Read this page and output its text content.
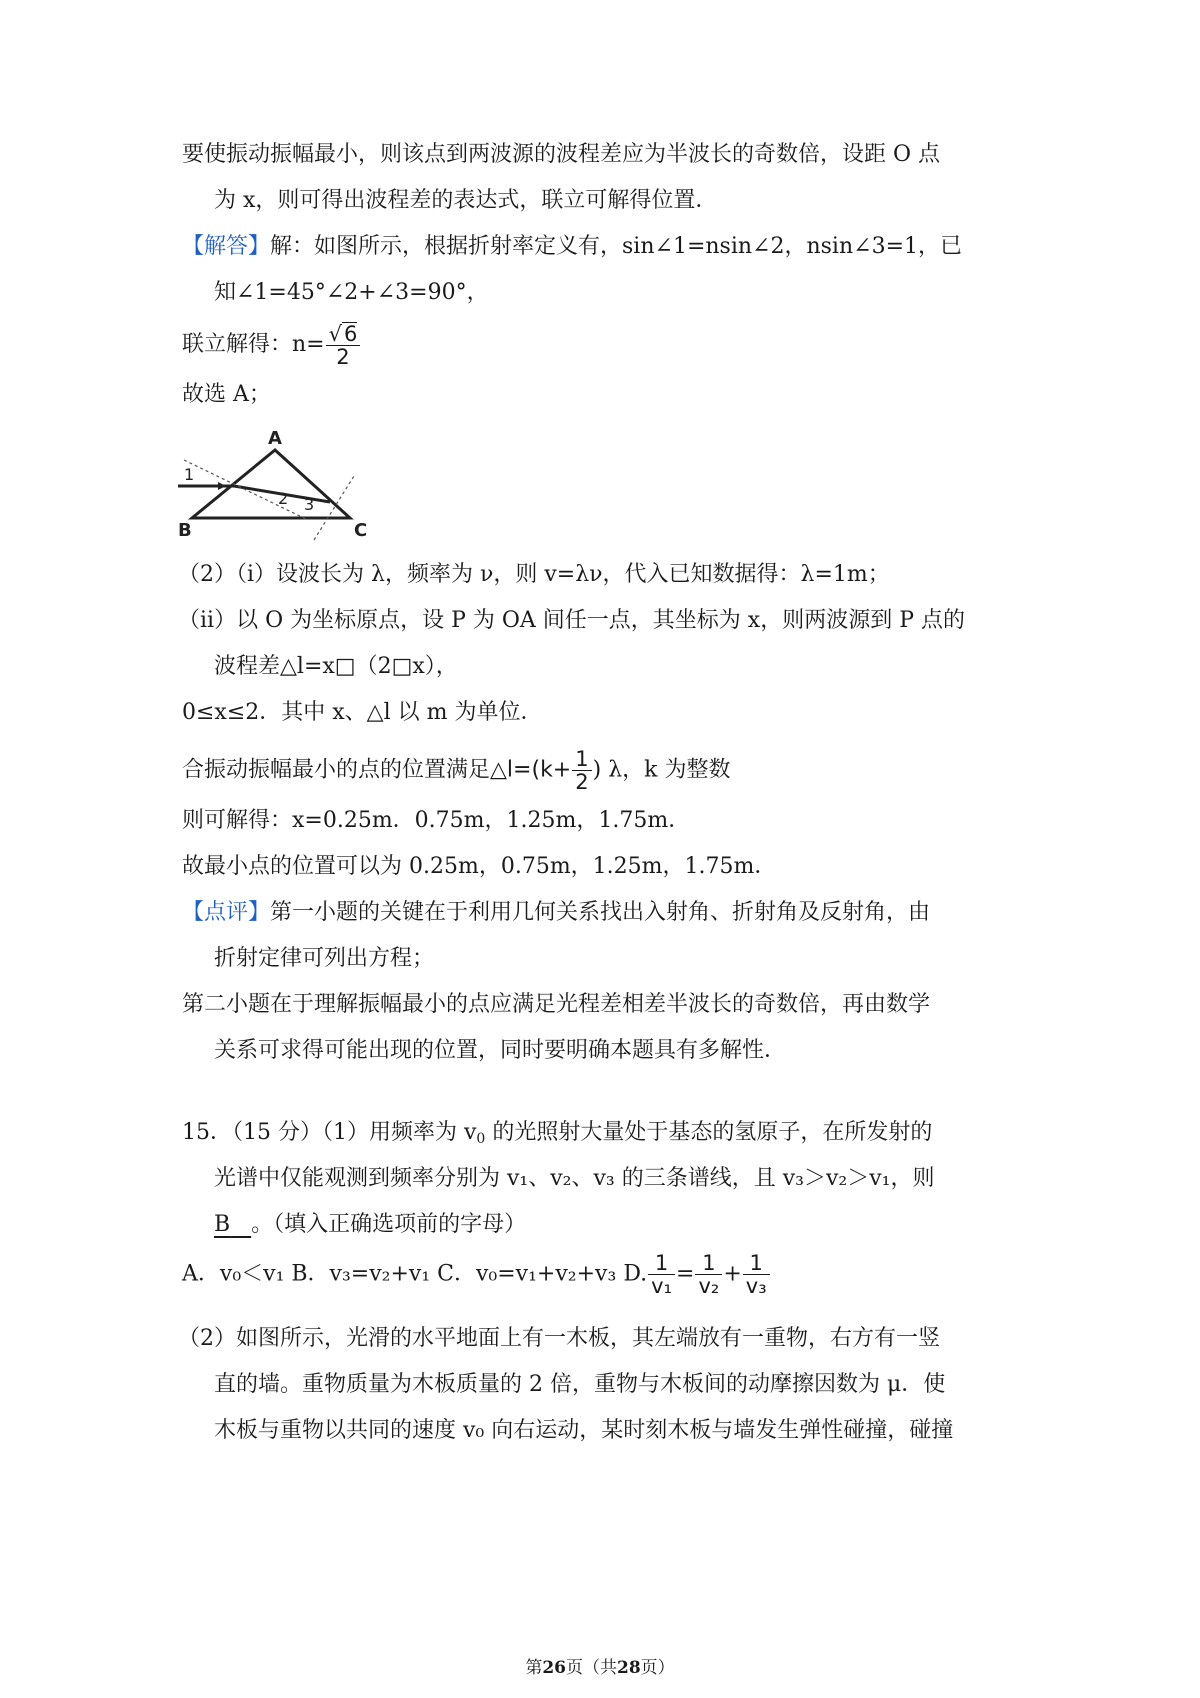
要使振动振幅最小，则该点到两波源的波程差应为半波长的奇数倍，设距 O 点
为 x，则可得出波程差的表达式，联立可解得位置．
【解答】解：如图所示，根据折射率定义有，sin∠1=nsin∠2，nsin∠3=1，已
知∠1=45°∠2+∠3=90°，
联立解得：$n= \frac{√6}{2}$
故选 A；
A
B	C
1
2 3
（2）（i）设波长为 λ，频率为 ν，则 v=λν，代入已知数据得：λ=1m；
（ii）以 O 为坐标原点，设 P 为 OA 间任一点，其坐标为 x，则两波源到 P 点的
波程差△l=x□（2□x），
0≤x≤2．其中 x、△l 以 m 为单位．
合振动振幅最小的点的位置满足△l=(k+ $\frac{1}{2}$ ) λ，k 为整数
则可解得：x=0.25m．0.75m，1.25m，1.75m．
故最小点的位置可以为 0.25m，0.75m，1.25m，1.75m．
【点评】第一小题的关键在于利用几何关系找出入射角、折射角及反射角，由
折射定律可列出方程；
第二小题在于理解振幅最小的点应满足光程差相差半波长的奇数倍，再由数学
关系可求得可能出现的位置，同时要明确本题具有多解性．
15．（15 分）（1）用频率为 $v_0$ 的光照射大量处于基态的氢原子，在所发射的
光谱中仅能观测到频率分别为 v₁、v₂、v₃ 的三条谱线，且 v₃＞v₂＞v₁，则
B 。（填入正确选项前的字母）
A．v₀＜v₁ B．v₃=v₂+v₁ C．v₀=v₁+v₂+v₃ D. $\frac{1}{\text{v₁}} = \frac{1}{\text{v₂}} + \frac{1}{\text{v₃}}$
（2）如图所示，光滑的水平地面上有一木板，其左端放有一重物，右方有一竖
直的墙。重物质量为木板质量的 2 倍，重物与木板间的动摩擦因数为 μ．使
木板与重物以共同的速度 v₀ 向右运动，某时刻木板与墙发生弹性碰撞，碰撞
第26页（共28页）
